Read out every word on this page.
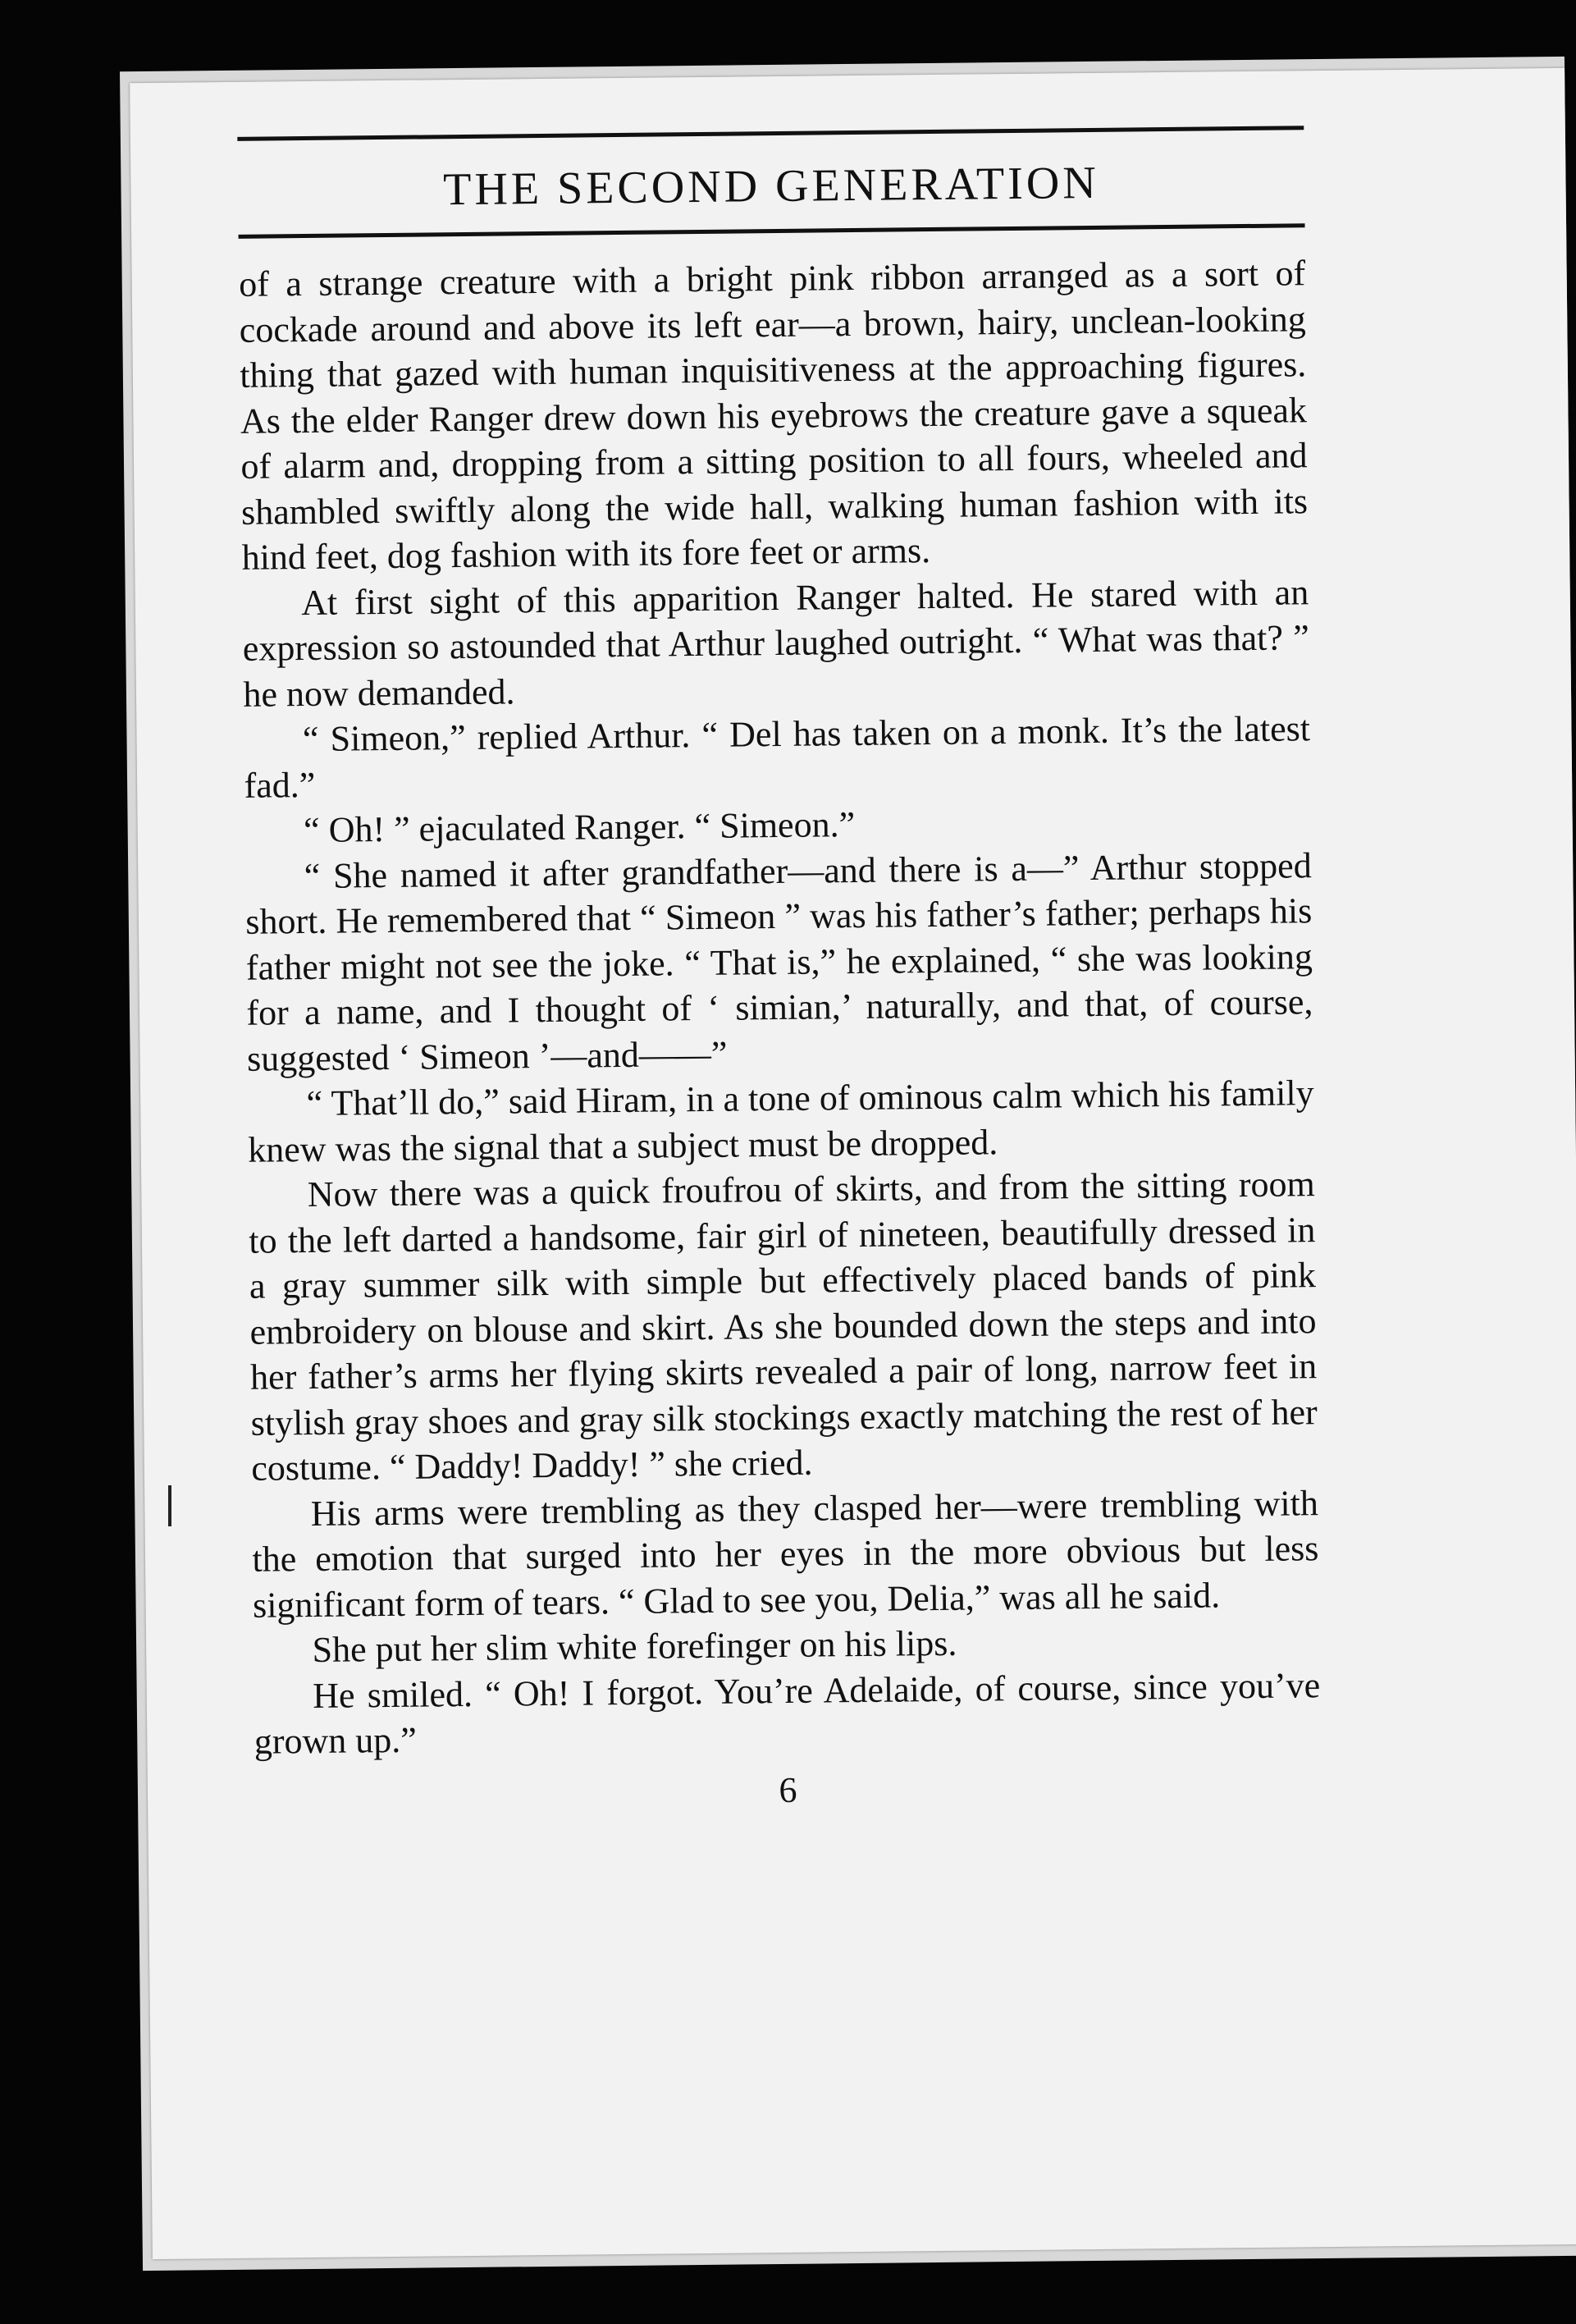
THE SECOND GENERATION

of a strange creature with a bright pink ribbon arranged as a sort of cockade around and above its left ear—a brown, hairy, unclean-looking thing that gazed with human inquisitiveness at the approaching figures. As the elder Ranger drew down his eyebrows the creature gave a squeak of alarm and, dropping from a sitting position to all fours, wheeled and shambled swiftly along the wide hall, walking human fashion with its hind feet, dog fashion with its fore feet or arms.

At first sight of this apparition Ranger halted. He stared with an expression so astounded that Arthur laughed outright. “ What was that? ” he now demanded.

“ Simeon,” replied Arthur. “ Del has taken on a monk. It’s the latest fad.”

“ Oh! ” ejaculated Ranger. “ Simeon.”

“ She named it after grandfather—and there is a—” Arthur stopped short. He remembered that “ Simeon ” was his father’s father; perhaps his father might not see the joke. “ That is,” he explained, “ she was looking for a name, and I thought of ‘ simian,’ naturally, and that, of course, suggested ‘ Simeon ’—and——”

“ That’ll do,” said Hiram, in a tone of ominous calm which his family knew was the signal that a subject must be dropped.

Now there was a quick froufrou of skirts, and from the sitting room to the left darted a handsome, fair girl of nineteen, beautifully dressed in a gray summer silk with simple but effectively placed bands of pink embroidery on blouse and skirt. As she bounded down the steps and into her father’s arms her flying skirts revealed a pair of long, narrow feet in stylish gray shoes and gray silk stockings exactly matching the rest of her costume. “ Daddy! Daddy! ” she cried.

His arms were trembling as they clasped her—were trembling with the emotion that surged into her eyes in the more obvious but less significant form of tears. “ Glad to see you, Delia,” was all he said.

She put her slim white forefinger on his lips.

He smiled. “ Oh! I forgot. You’re Adelaide, of course, since you’ve grown up.”

6
